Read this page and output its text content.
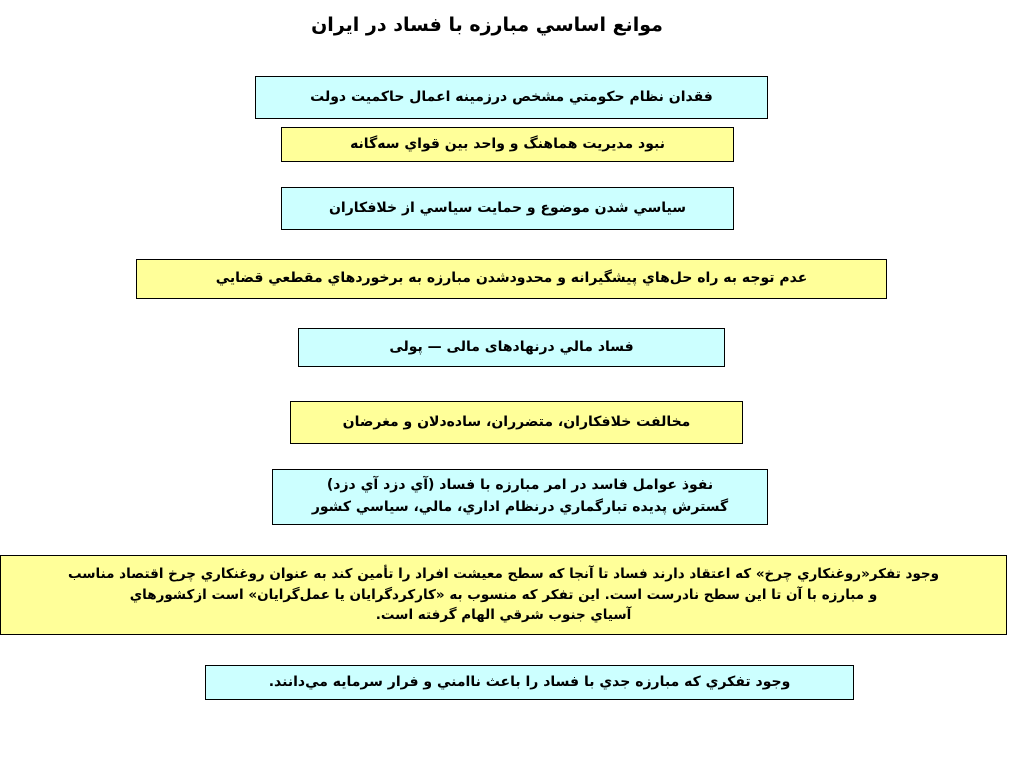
موانع اساسي مبارزه با فساد در ايران
فقدان نظام حكومتي مشخص درزمينه اعمال حاكميت دولت
نبود مديريت هماهنگ و واحد بين قواي سه‌گانه
سياسي شدن موضوع و حمايت سياسي از خلافكاران
عدم توجه به راه حل‌هاي پيشگيرانه و محدودشدن مبارزه به برخوردهاي مقطعي قضايي
فساد مالي درنهادهای مالی — پولی
مخالفت خلافكاران، متضرران، ساده‌دلان و مغرضان
نفوذ عوامل فاسد در امر مبارزه با فساد (آي دزد آي دزد)
گسترش پديده تبارگماري درنظام اداري، مالي، سياسي كشور
وجود تفكر«روغنكاري چرخ» كه اعتقاد دارند فساد تا آنجا كه سطح معيشت افراد را تأمين كند به عنوان روغنكاري چرخ اقتصاد مناسب
و مبارزه با آن تا اين سطح نادرست است. اين تفكر كه منسوب به «كاركردگرايان يا عمل‌گرايان» است ازكشورهاي
آسياي جنوب شرقي الهام گرفته است.
وجود تفكري كه مبارزه جدي با فساد را باعث ناامني و فرار سرمايه مي‌دانند.
